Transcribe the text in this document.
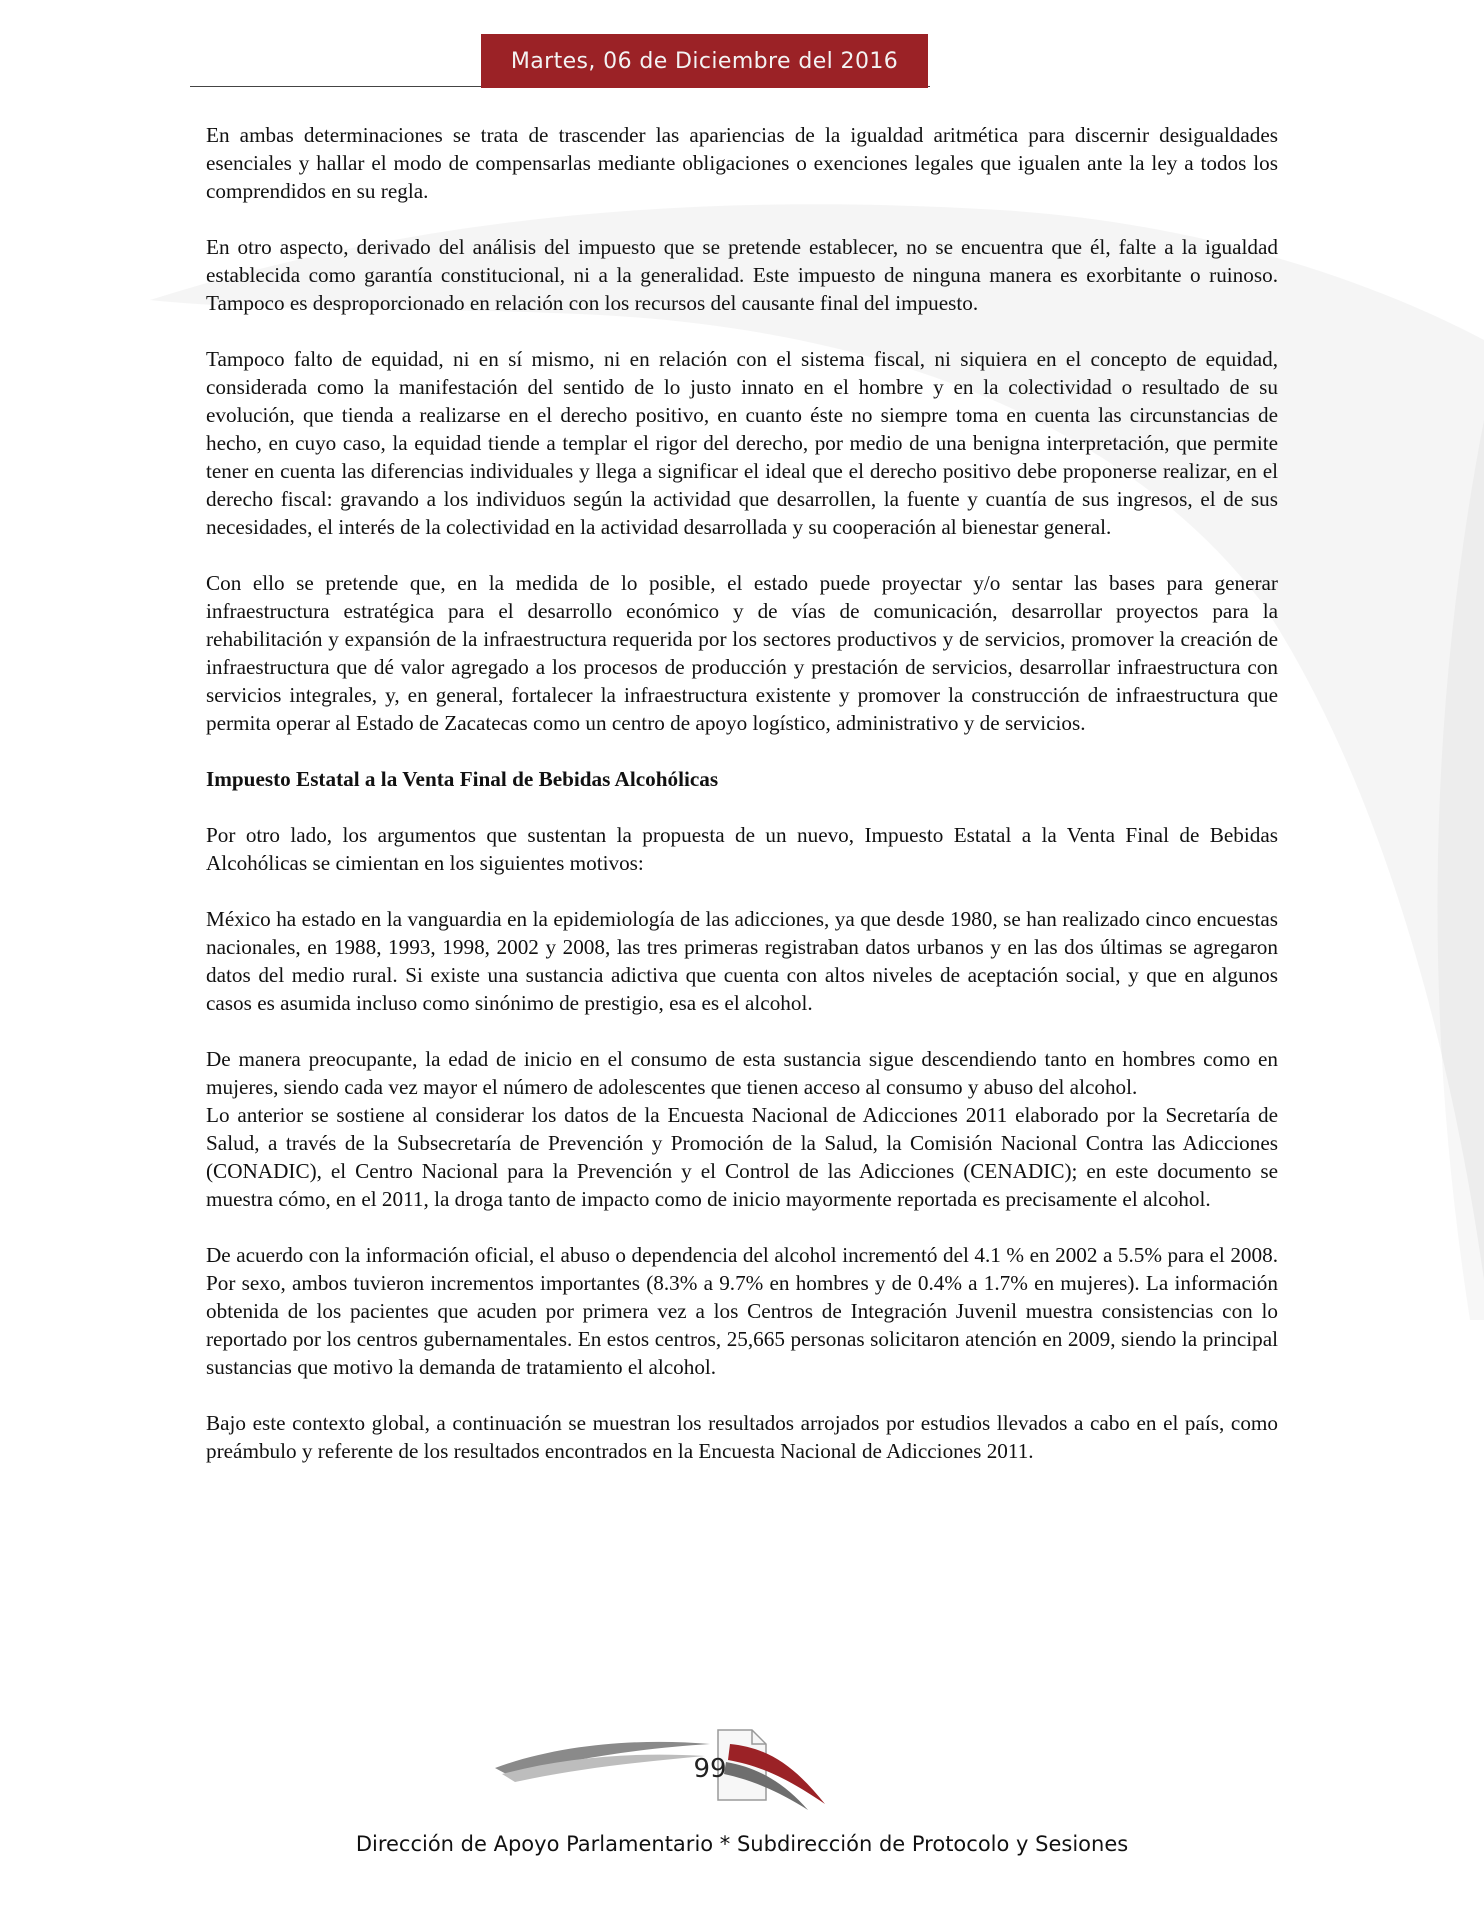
Martes, 06 de Diciembre del 2016

En ambas determinaciones se trata de trascender las apariencias de la igualdad aritmética para discernir desigualdades esenciales y hallar el modo de compensarlas mediante obligaciones o exenciones legales que igualen ante la ley a todos los comprendidos en su regla.

En otro aspecto, derivado del análisis del impuesto que se pretende establecer, no se encuentra que él, falte a la igualdad establecida como garantía constitucional, ni a la generalidad. Este impuesto de ninguna manera es exorbitante o ruinoso. Tampoco es desproporcionado en relación con los recursos del causante final del impuesto.

Tampoco falto de equidad, ni en sí mismo, ni en relación con el sistema fiscal, ni siquiera en el concepto de equidad, considerada como la manifestación del sentido de lo justo innato en el hombre y en la colectividad o resultado de su evolución, que tienda a realizarse en el derecho positivo, en cuanto éste no siempre toma en cuenta las circunstancias de hecho, en cuyo caso, la equidad tiende a templar el rigor del derecho, por medio de una benigna interpretación, que permite tener en cuenta las diferencias individuales y llega a significar el ideal que el derecho positivo debe proponerse realizar, en el derecho fiscal: gravando a los individuos según la actividad que desarrollen, la fuente y cuantía de sus ingresos, el de sus necesidades, el interés de la colectividad en la actividad desarrollada y su cooperación al bienestar general.

Con ello se pretende que, en la medida de lo posible, el estado puede proyectar y/o sentar las bases para generar infraestructura estratégica para el desarrollo económico y de vías de comunicación, desarrollar proyectos para la rehabilitación y expansión de la infraestructura requerida por los sectores productivos y de servicios, promover la creación de infraestructura que dé valor agregado a los procesos de producción y prestación de servicios, desarrollar infraestructura con servicios integrales, y, en general, fortalecer la infraestructura existente y promover la construcción de infraestructura que permita operar al Estado de Zacatecas como un centro de apoyo logístico, administrativo y de servicios.

Impuesto Estatal a la Venta Final de Bebidas Alcohólicas

Por otro lado, los argumentos que sustentan la propuesta de un nuevo, Impuesto Estatal a la Venta Final de Bebidas Alcohólicas se cimientan en los siguientes motivos:

México ha estado en la vanguardia en la epidemiología de las adicciones, ya que desde 1980, se han realizado cinco encuestas nacionales, en 1988, 1993, 1998, 2002 y 2008, las tres primeras registraban datos urbanos y en las dos últimas se agregaron datos del medio rural. Si existe una sustancia adictiva que cuenta con altos niveles de aceptación social, y que en algunos casos es asumida incluso como sinónimo de prestigio, esa es el alcohol.

De manera preocupante, la edad de inicio en el consumo de esta sustancia sigue descendiendo tanto en hombres como en mujeres, siendo cada vez mayor el número de adolescentes que tienen acceso al consumo y abuso del alcohol.

Lo anterior se sostiene al considerar los datos de la Encuesta Nacional de Adicciones 2011 elaborado por la Secretaría de Salud, a través de la Subsecretaría de Prevención y Promoción de la Salud, la Comisión Nacional Contra las Adicciones (CONADIC), el Centro Nacional para la Prevención y el Control de las Adicciones (CENADIC); en este documento se muestra cómo, en el 2011, la droga tanto de impacto como de inicio mayormente reportada es precisamente el alcohol.

De acuerdo con la información oficial, el abuso o dependencia del alcohol incrementó del 4.1 % en 2002 a 5.5% para el 2008. Por sexo, ambos tuvieron incrementos importantes (8.3% a 9.7% en hombres y de 0.4% a 1.7% en mujeres). La información obtenida de los pacientes que acuden por primera vez a los Centros de Integración Juvenil muestra consistencias con lo reportado por los centros gubernamentales. En estos centros, 25,665 personas solicitaron atención en 2009, siendo la principal sustancias que motivo la demanda de tratamiento el alcohol.

Bajo este contexto global, a continuación se muestran los resultados arrojados por estudios llevados a cabo en el país, como preámbulo y referente de los resultados encontrados en la Encuesta Nacional de Adicciones 2011.

99
Dirección de Apoyo Parlamentario * Subdirección de Protocolo y Sesiones
